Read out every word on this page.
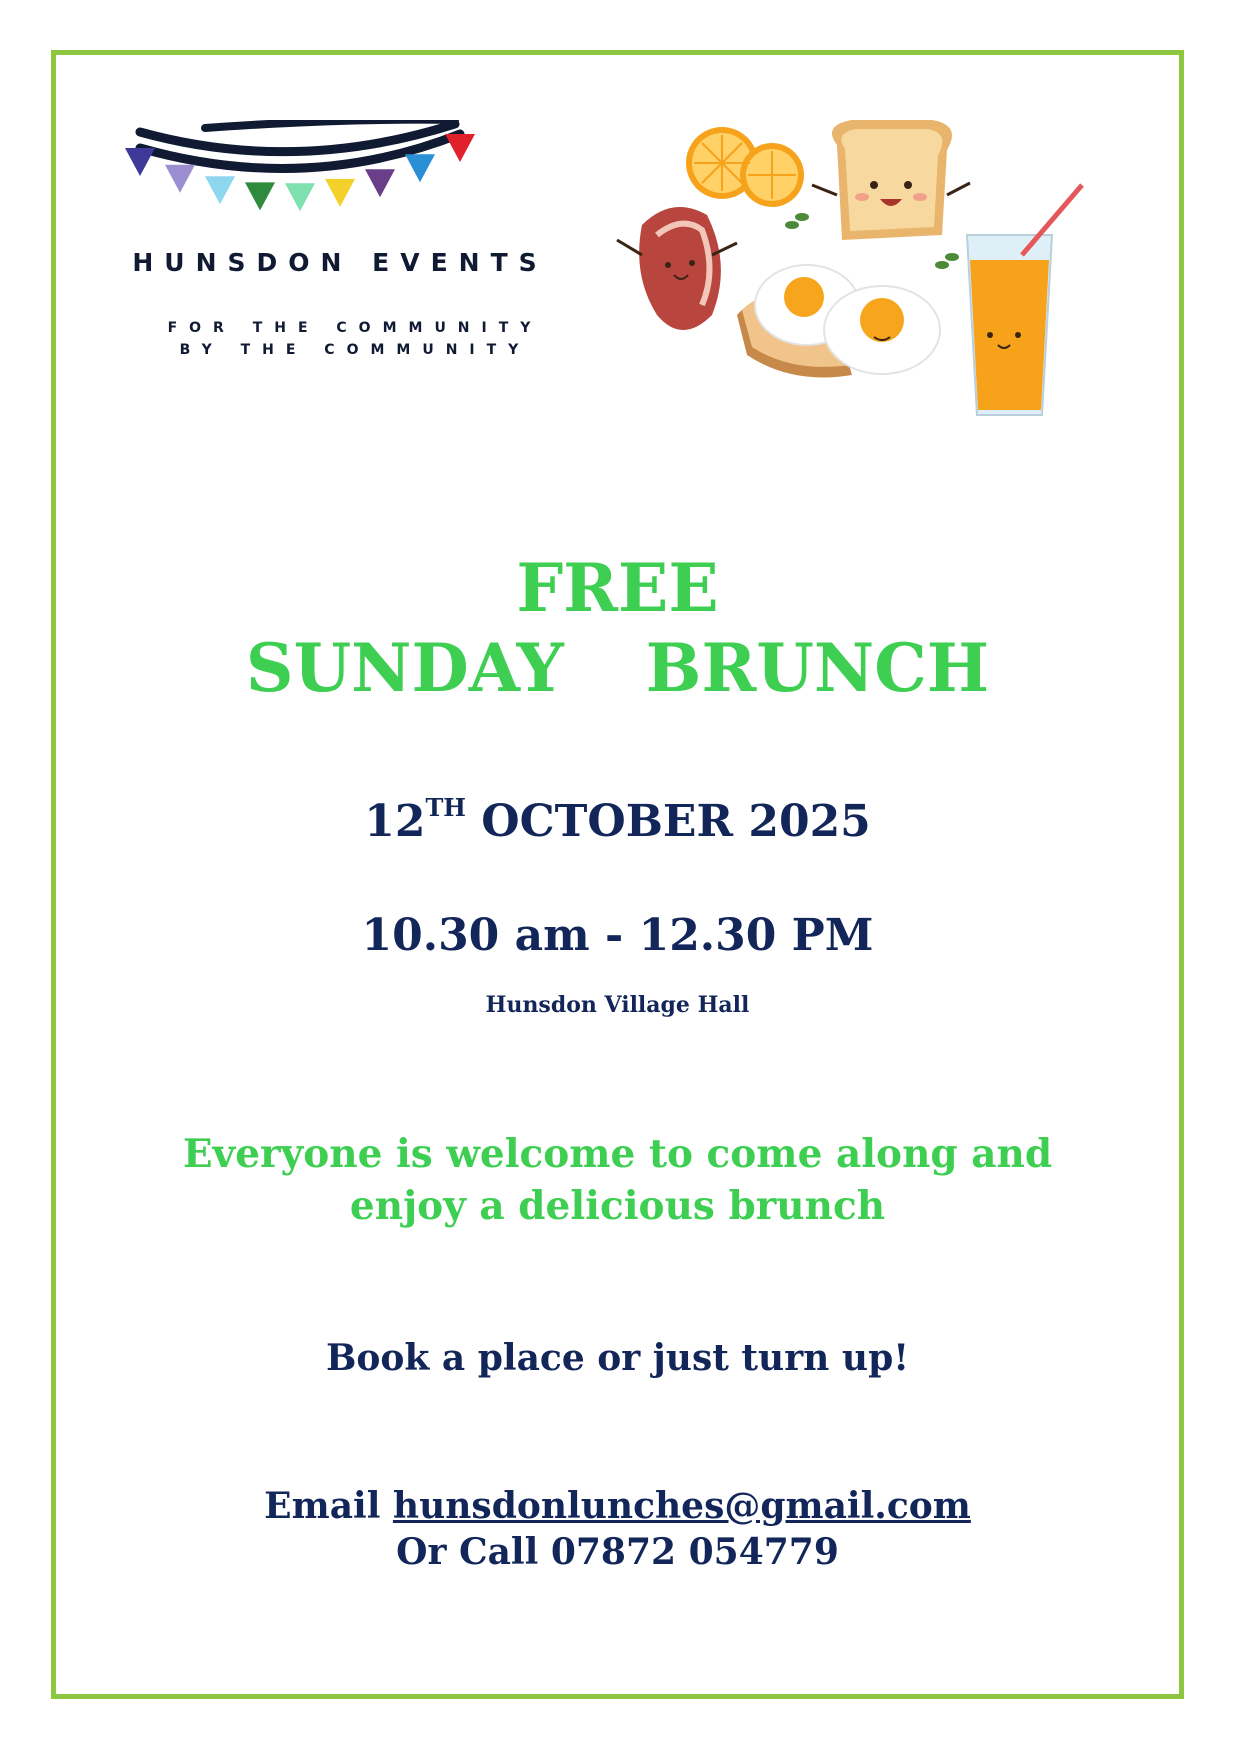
HUNSDON EVENTS
FOR THE COMMUNITY
BY THE COMMUNITY
FREE
SUNDAY  BRUNCH
12TH OCTOBER 2025
10.30 am - 12.30 PM
Hunsdon Village Hall
Everyone is welcome to come along and
enjoy a delicious brunch
Book a place or just turn up!
Email hunsdonlunches@gmail.com
Or Call 07872 054779
